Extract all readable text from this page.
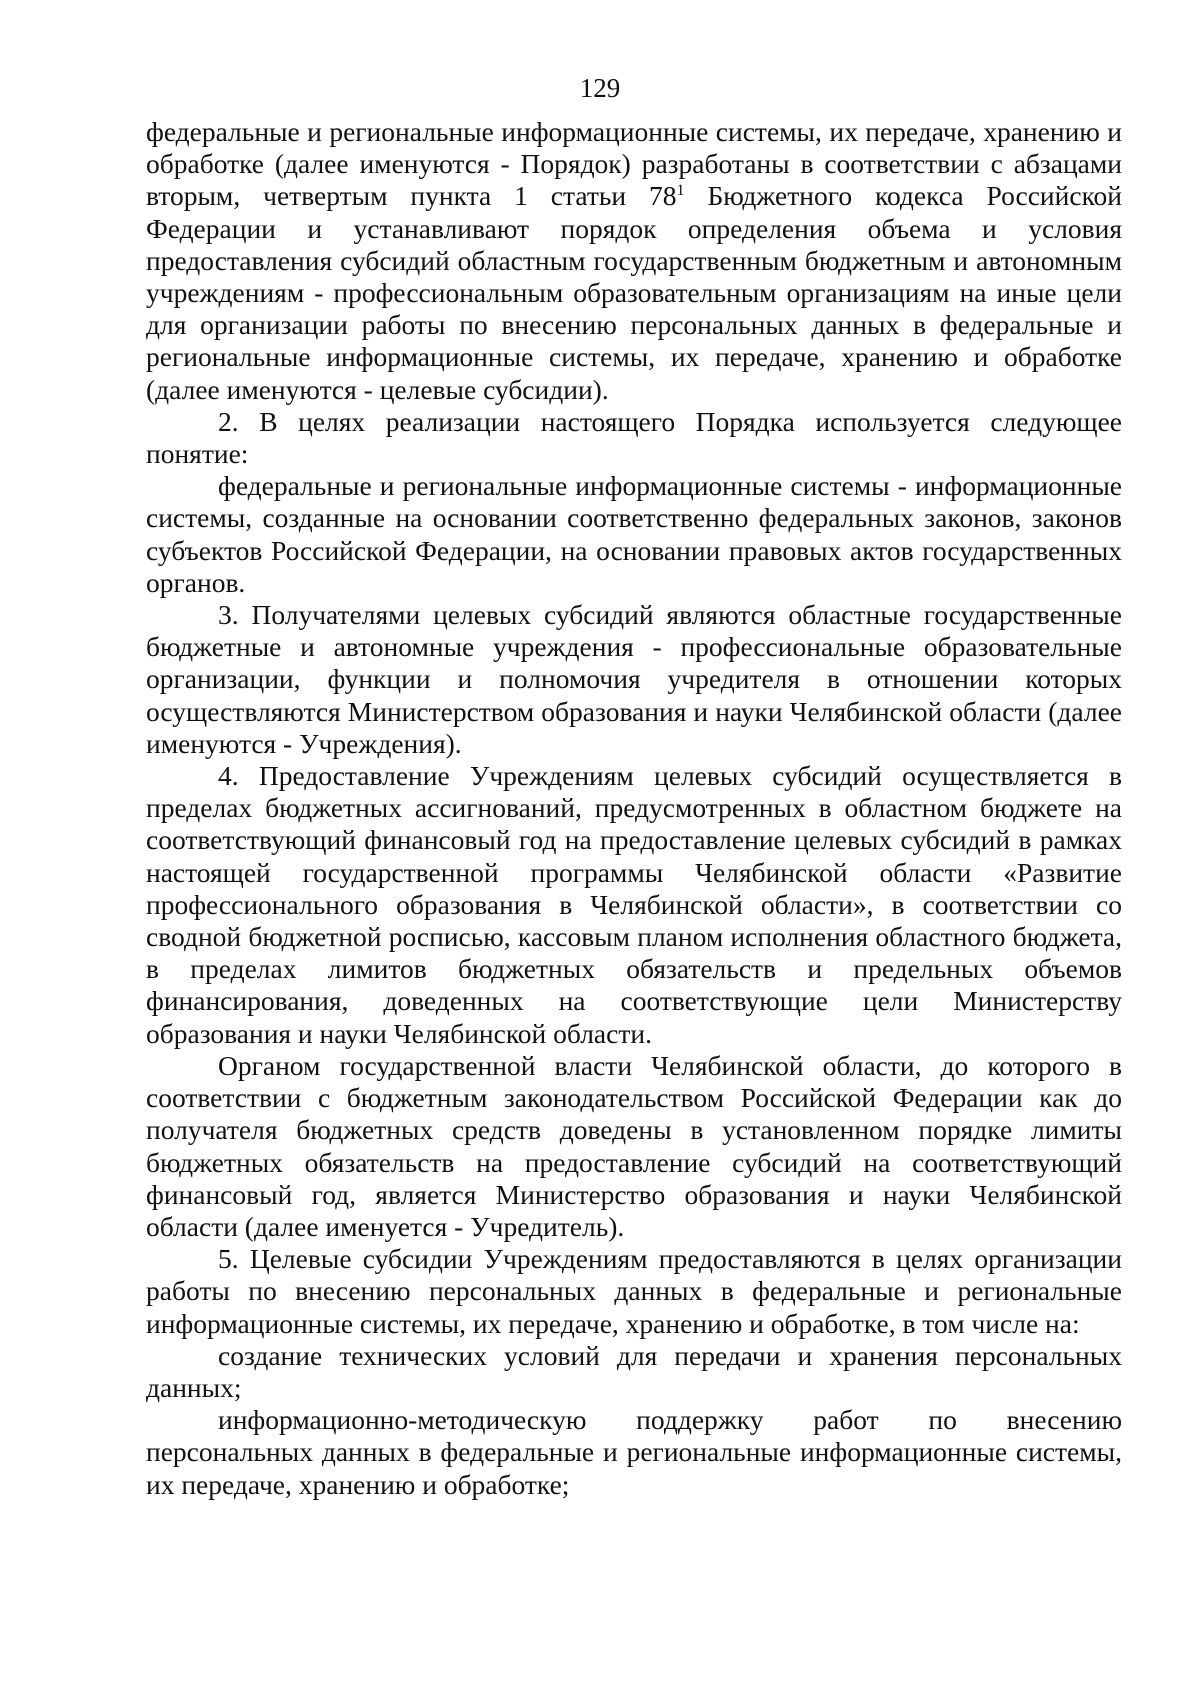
129

федеральные и региональные информационные системы, их передаче, хранению и обработке (далее именуются - Порядок) разработаны в соответствии с абзацами вторым, четвертым пункта 1 статьи $78^1$ Бюджетного кодекса Российской Федерации и устанавливают порядок определения объема и условия предоставления субсидий областным государственным бюджетным и автономным учреждениям - профессиональным образовательным организациям на иные цели для организации работы по внесению персональных данных в федеральные и региональные информационные системы, их передаче, хранению и обработке (далее именуются - целевые субсидии).

2. В целях реализации настоящего Порядка используется следующее понятие:

федеральные и региональные информационные системы - информационные системы, созданные на основании соответственно федеральных законов, законов субъектов Российской Федерации, на основании правовых актов государственных органов.

3. Получателями целевых субсидий являются областные государственные бюджетные и автономные учреждения - профессиональные образовательные организации, функции и полномочия учредителя в отношении которых осуществляются Министерством образования и науки Челябинской области (далее именуются - Учреждения).

4. Предоставление Учреждениям целевых субсидий осуществляется в пределах бюджетных ассигнований, предусмотренных в областном бюджете на соответствующий финансовый год на предоставление целевых субсидий в рамках настоящей государственной программы Челябинской области «Развитие профессионального образования в Челябинской области», в соответствии со сводной бюджетной росписью, кассовым планом исполнения областного бюджета, в пределах лимитов бюджетных обязательств и предельных объемов финансирования, доведенных на соответствующие цели Министерству образования и науки Челябинской области.

Органом государственной власти Челябинской области, до которого в соответствии с бюджетным законодательством Российской Федерации как до получателя бюджетных средств доведены в установленном порядке лимиты бюджетных обязательств на предоставление субсидий на соответствующий финансовый год, является Министерство образования и науки Челябинской области (далее именуется - Учредитель).

5. Целевые субсидии Учреждениям предоставляются в целях организации работы по внесению персональных данных в федеральные и региональные информационные системы, их передаче, хранению и обработке, в том числе на:

создание технических условий для передачи и хранения персональных данных;

информационно-методическую поддержку работ по внесению персональных данных в федеральные и региональные информационные системы, их передаче, хранению и обработке;
